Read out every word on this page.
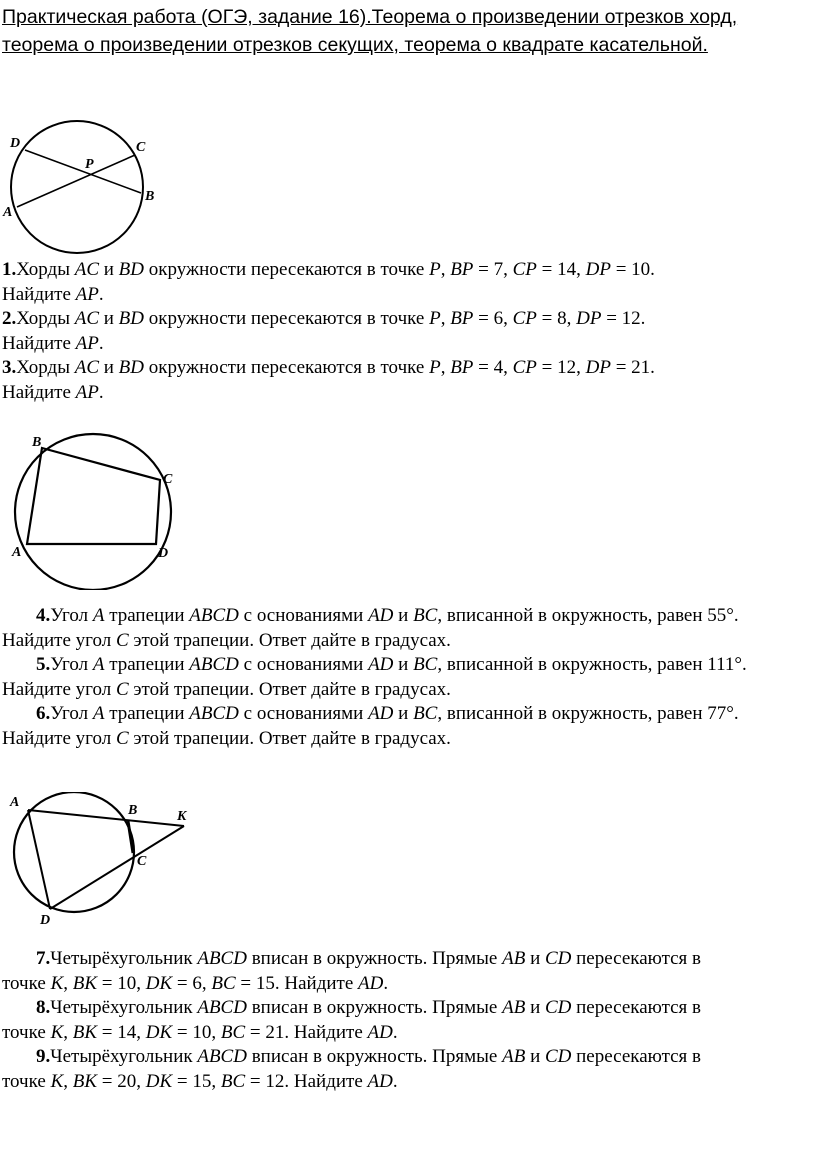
Практическая работа (ОГЭ, задание 16).Теорема о произведении отрезков хорд, теорема о произведении отрезков секущих, теорема о квадрате касательной.
D	C
P
B
A

1.Хорды AC и BD окружности пересекаются в точке P, BP = 7, CP = 14, DP = 10.

Найдите AP.

2.Хорды AC и BD окружности пересекаются в точке P, BP = 6, CP = 8, DP = 12.

Найдите AP.

3.Хорды AC и BD окружности пересекаются в точке P, BP = 4, CP = 12, DP = 21.

Найдите AP.

B
C
A	D

4.Угол A трапеции ABCD с основаниями AD и BC, вписанной в окружность, равен 55°.

Найдите угол C этой трапеции. Ответ дайте в градусах.

5.Угол A трапеции ABCD с основаниями AD и BC, вписанной в окружность, равен 111°.

Найдите угол C этой трапеции. Ответ дайте в градусах.

6.Угол A трапеции ABCD с основаниями AD и BC, вписанной в окружность, равен 77°.

Найдите угол C этой трапеции. Ответ дайте в градусах.

A
B	K
C
D

7.Четырёхугольник ABCD вписан в окружность. Прямые AB и CD пересекаются в

точке K, BK = 10, DK = 6, BC = 15. Найдите AD.

8.Четырёхугольник ABCD вписан в окружность. Прямые AB и CD пересекаются в

точке K, BK = 14, DK = 10, BC = 21. Найдите AD.

9.Четырёхугольник ABCD вписан в окружность. Прямые AB и CD пересекаются в

точке K, BK = 20, DK = 15, BC = 12. Найдите AD.
